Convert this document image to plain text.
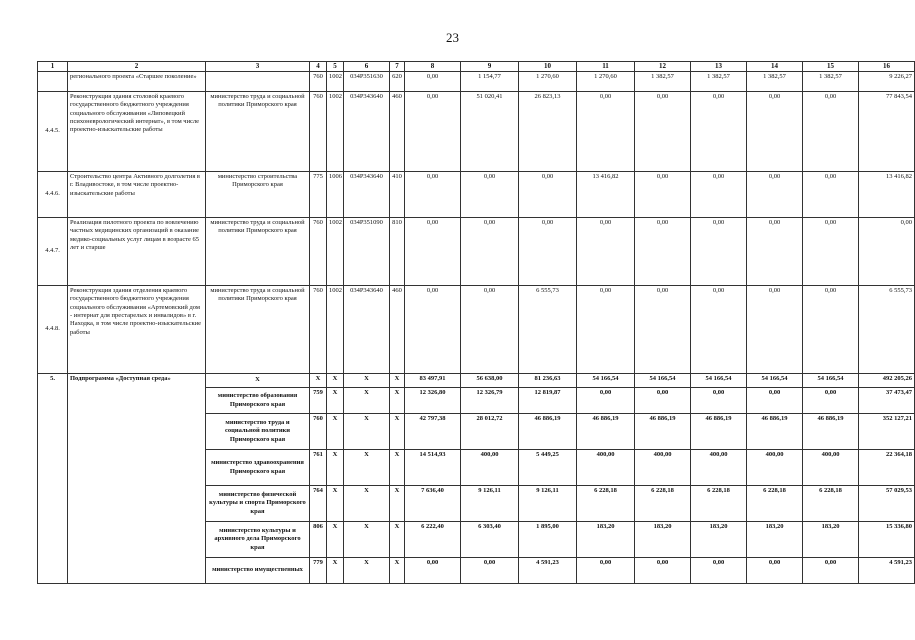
23
1	2	3	4	5	6	7	8	9	10	11	12	13	14	15	16
	регионального проекта «Старшее поколение»		760	1002	034P351630	620	0,00	1 154,77	1 270,60	1 270,60	1 382,57	1 382,57	1 382,57	1 382,57	9 226,27
4.4.5.	Реконструкция здания столовой краевого государственного бюджетного учреждения социального обслуживания «Липовецкий психоневрологический интернат», в том числе проектно-изыскательские работы	министерство труда и социальной политики Приморского края	760	1002	034P343640	460	0,00	51 020,41	26 823,13	0,00	0,00	0,00	0,00	0,00	77 843,54
4.4.6.	Строительство центра Активного долголетия в г. Владивостоке, в том числе проектно-изыскательские работы	министерство строительства Приморского края	775	1006	034P343640	410	0,00	0,00	0,00	13 416,82	0,00	0,00	0,00	0,00	13 416,82
4.4.7.	Реализация пилотного проекта по вовлечению частных медицинских организаций в оказание медико-социальных услуг лицам в возрасте 65 лет и старше	министерство труда и социальной политики Приморского края	760	1002	034P351090	810	0,00	0,00	0,00	0,00	0,00	0,00	0,00	0,00	0,00
4.4.8.	Реконструкция здания отделения краевого государственного бюджетного учреждения социального обслуживания «Артемовский дом - интернат для престарелых и инвалидов» в г. Находка, в том числе проектно-изыскательские работы	министерство труда и социальной политики Приморского края	760	1002	034P343640	460	0,00	0,00	6 555,73	0,00	0,00	0,00	0,00	0,00	6 555,73
5.	Подпрограмма «Доступная среда»	X	X	X	X	X	83 497,91	56 638,00	81 236,63	54 166,54	54 166,54	54 166,54	54 166,54	54 166,54	492 205,26
		министерство образования Приморского края	759	X	X	X	12 326,80	12 326,79	12 819,87	0,00	0,00	0,00	0,00	0,00	37 473,47
		министерство труда и социальной политики Приморского края	760	X	X	X	42 797,38	28 012,72	46 886,19	46 886,19	46 886,19	46 886,19	46 886,19	46 886,19	352 127,21
		министерство здравоохранения Приморского края	761	X	X	X	14 514,93	400,00	5 449,25	400,00	400,00	400,00	400,00	400,00	22 364,18
		министерство физической культуры и спорта Приморского края	764	X	X	X	7 636,40	9 126,11	9 126,11	6 228,18	6 228,18	6 228,18	6 228,18	6 228,18	57 029,53
		министерство культуры и архивного дела Приморского края	806	X	X	X	6 222,40	6 303,40	1 895,00	183,20	183,20	183,20	183,20	183,20	15 336,80
		министерство имущественных	779	X	X	X	0,00	0,00	4 591,23	0,00	0,00	0,00	0,00	0,00	4 591,23
